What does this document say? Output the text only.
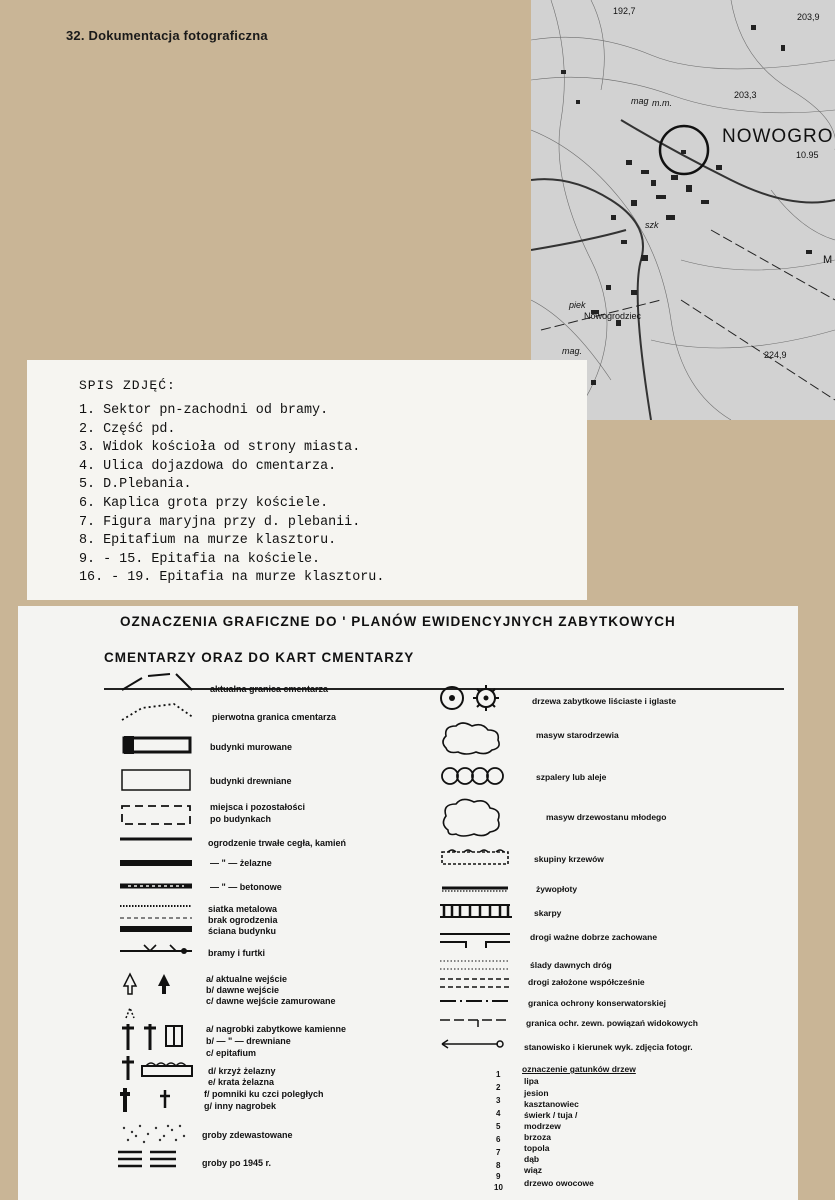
32. Dokumentacja fotograficzna
NOWOGRO
Nowogrodziec
192,7
203,9
203,3
10.95
224,9
mag m.m.
szk
piek
mag.
M
SPIS ZDJĘĆ:
1. Sektor pn-zachodni od bramy.
2. Część pd.
3. Widok kościoła od strony miasta.
4. Ulica dojazdowa do cmentarza.
5. D.Plebania.
6. Kaplica grota przy kościele.
7. Figura maryjna przy d. plebanii.
8. Epitafium na murze klasztoru.
9. - 15. Epitafia na kościele.
16. - 19. Epitafia na murze klasztoru.
OZNACZENIA GRAFICZNE DO ' PLANÓW EWIDENCYJNYCH ZABYTKOWYCH
CMENTARZY ORAZ DO KART CMENTARZY
aktualna granica cmentarza
pierwotna granica cmentarza
budynki murowane
budynki drewniane
miejsca i pozostałości
po budynkach
ogrodzenie trwałe cegła, kamień
— " — żelazne
— " — betonowe
siatka metalowa
brak ogrodzenia
ściana budynku
bramy i furtki
a/ aktualne wejście
b/ dawne wejście
c/ dawne wejście zamurowane
a/ nagrobki zabytkowe kamienne
b/ — " — drewniane
c/ epitafium
d/ krzyż żelazny
e/ krata żelazna
f/ pomniki ku czci poległych
g/ inny nagrobek
groby zdewastowane
groby po 1945 r.
drzewa zabytkowe liściaste i iglaste
masyw starodrzewia
szpalery lub aleje
masyw drzewostanu młodego
skupiny krzewów
żywopłoty
skarpy
drogi ważne dobrze zachowane
ślady dawnych dróg
drogi założone współcześnie
granica ochrony konserwatorskiej
granica ochr. zewn. powiązań widokowych
stanowisko i kierunek wyk. zdjęcia fotogr.
oznaczenie gatunków drzew
1
2
3
4
5
6
7
8
9
10
lipa
jesion
kasztanowiec
świerk / tuja /
modrzew
brzoza
topola
dąb
wiąz
drzewo owocowe
